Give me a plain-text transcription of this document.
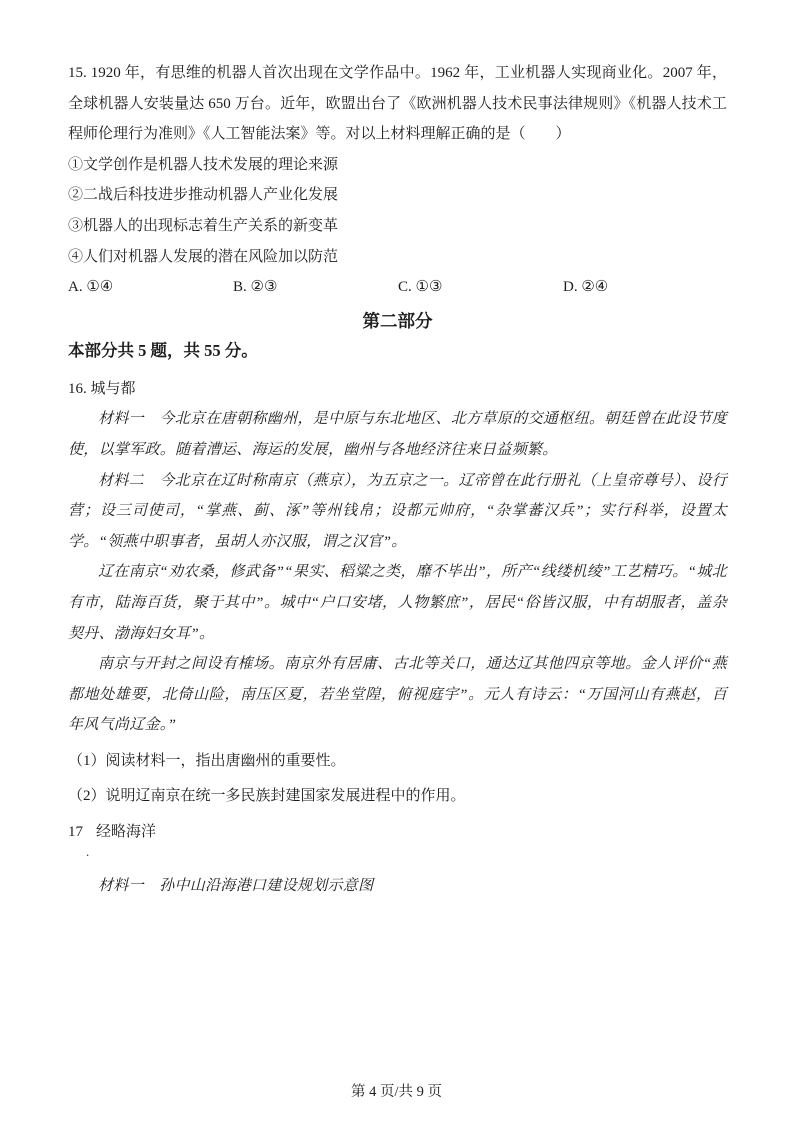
15. 1920 年，有思维的机器人首次出现在文学作品中。1962 年，工业机器人实现商业化。2007 年，全球机器人安装量达 650 万台。近年，欧盟出台了《欧洲机器人技术民事法律规则》《机器人技术工程师伦理行为准则》《人工智能法案》等。对以上材料理解正确的是（　　）

①文学创作是机器人技术发展的理论来源

②二战后科技进步推动机器人产业化发展

③机器人的出现标志着生产关系的新变革

④人们对机器人发展的潜在风险加以防范

A. ①④	B. ②③	C. ①③	D. ②④

第二部分

本部分共 5 题，共 55 分。

16. 城与都

材料一　今北京在唐朝称幽州，是中原与东北地区、北方草原的交通枢纽。朝廷曾在此设节度使，以掌军政。随着漕运、海运的发展，幽州与各地经济往来日益频繁。

材料二　今北京在辽时称南京（燕京），为五京之一。辽帝曾在此行册礼（上皇帝尊号）、设行营；设三司使司，“掌燕、蓟、涿”等州钱帛；设都元帅府，“杂掌蕃汉兵”；实行科举，设置太学。“领燕中职事者，虽胡人亦汉服，谓之汉官”。

辽在南京“劝农桑，修武备”“果实、稻粱之类，靡不毕出”，所产“线缕机绫”工艺精巧。“城北有市，陆海百货，聚于其中”。城中“户口安堵，人物繁庶”，居民“俗皆汉服，中有胡服者，盖杂契丹、渤海妇女耳”。

南京与开封之间设有榷场。南京外有居庸、古北等关口，通达辽其他四京等地。金人评价“燕都地处雄要，北倚山险，南压区夏，若坐堂隍，俯视庭宇”。元人有诗云：“万国河山有燕赵，百年风气尚辽金。”

（1）阅读材料一，指出唐幽州的重要性。

（2）说明辽南京在统一多民族封建国家发展进程中的作用。

17 经略海洋

.

材料一　孙中山沿海港口建设规划示意图

第 4 页/共 9 页
